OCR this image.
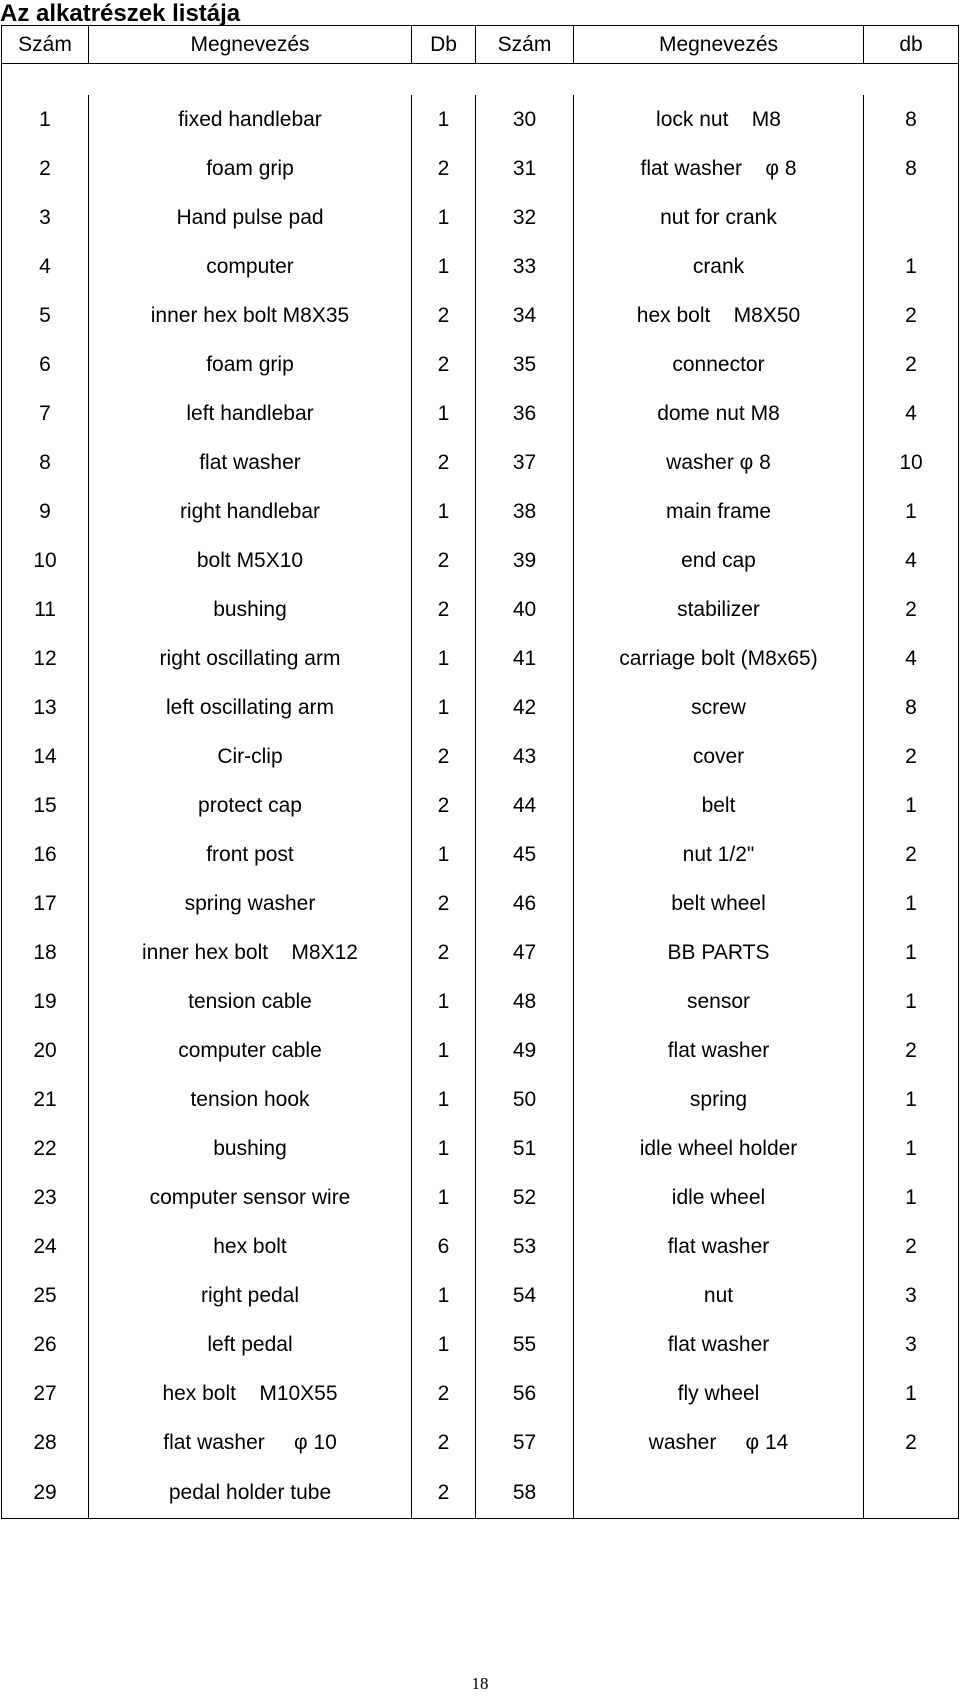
Az alkatrészek listája
Szám	Megnevezés	Db	Szám	Megnevezés	db

1	fixed handlebar	1	30	lock nut    M8	8
2	foam grip	2	31	flat washer    φ 8	8
3	Hand pulse pad	1	32	nut for crank	
4	computer	1	33	crank	1
5	inner hex bolt M8X35	2	34	hex bolt    M8X50	2
6	foam grip	2	35	connector	2
7	left handlebar	1	36	dome nut M8	4
8	flat washer	2	37	washer φ 8	10
9	right handlebar	1	38	main frame	1
10	bolt M5X10	2	39	end cap	4
11	bushing	2	40	stabilizer	2
12	right oscillating arm	1	41	carriage bolt (M8x65)	4
13	left oscillating arm	1	42	screw	8
14	Cir-clip	2	43	cover	2
15	protect cap	2	44	belt	1
16	front post	1	45	nut 1/2"	2
17	spring washer	2	46	belt wheel	1
18	inner hex bolt    M8X12	2	47	BB PARTS	1
19	tension cable	1	48	sensor	1
20	computer cable	1	49	flat washer	2
21	tension hook	1	50	spring	1
22	bushing	1	51	idle wheel holder	1
23	computer sensor wire	1	52	idle wheel	1
24	hex bolt	6	53	flat washer	2
25	right pedal	1	54	nut	3
26	left pedal	1	55	flat washer	3
27	hex bolt    M10X55	2	56	fly wheel	1
28	flat washer     φ 10	2	57	washer     φ 14	2
29	pedal holder tube	2	58		
18
